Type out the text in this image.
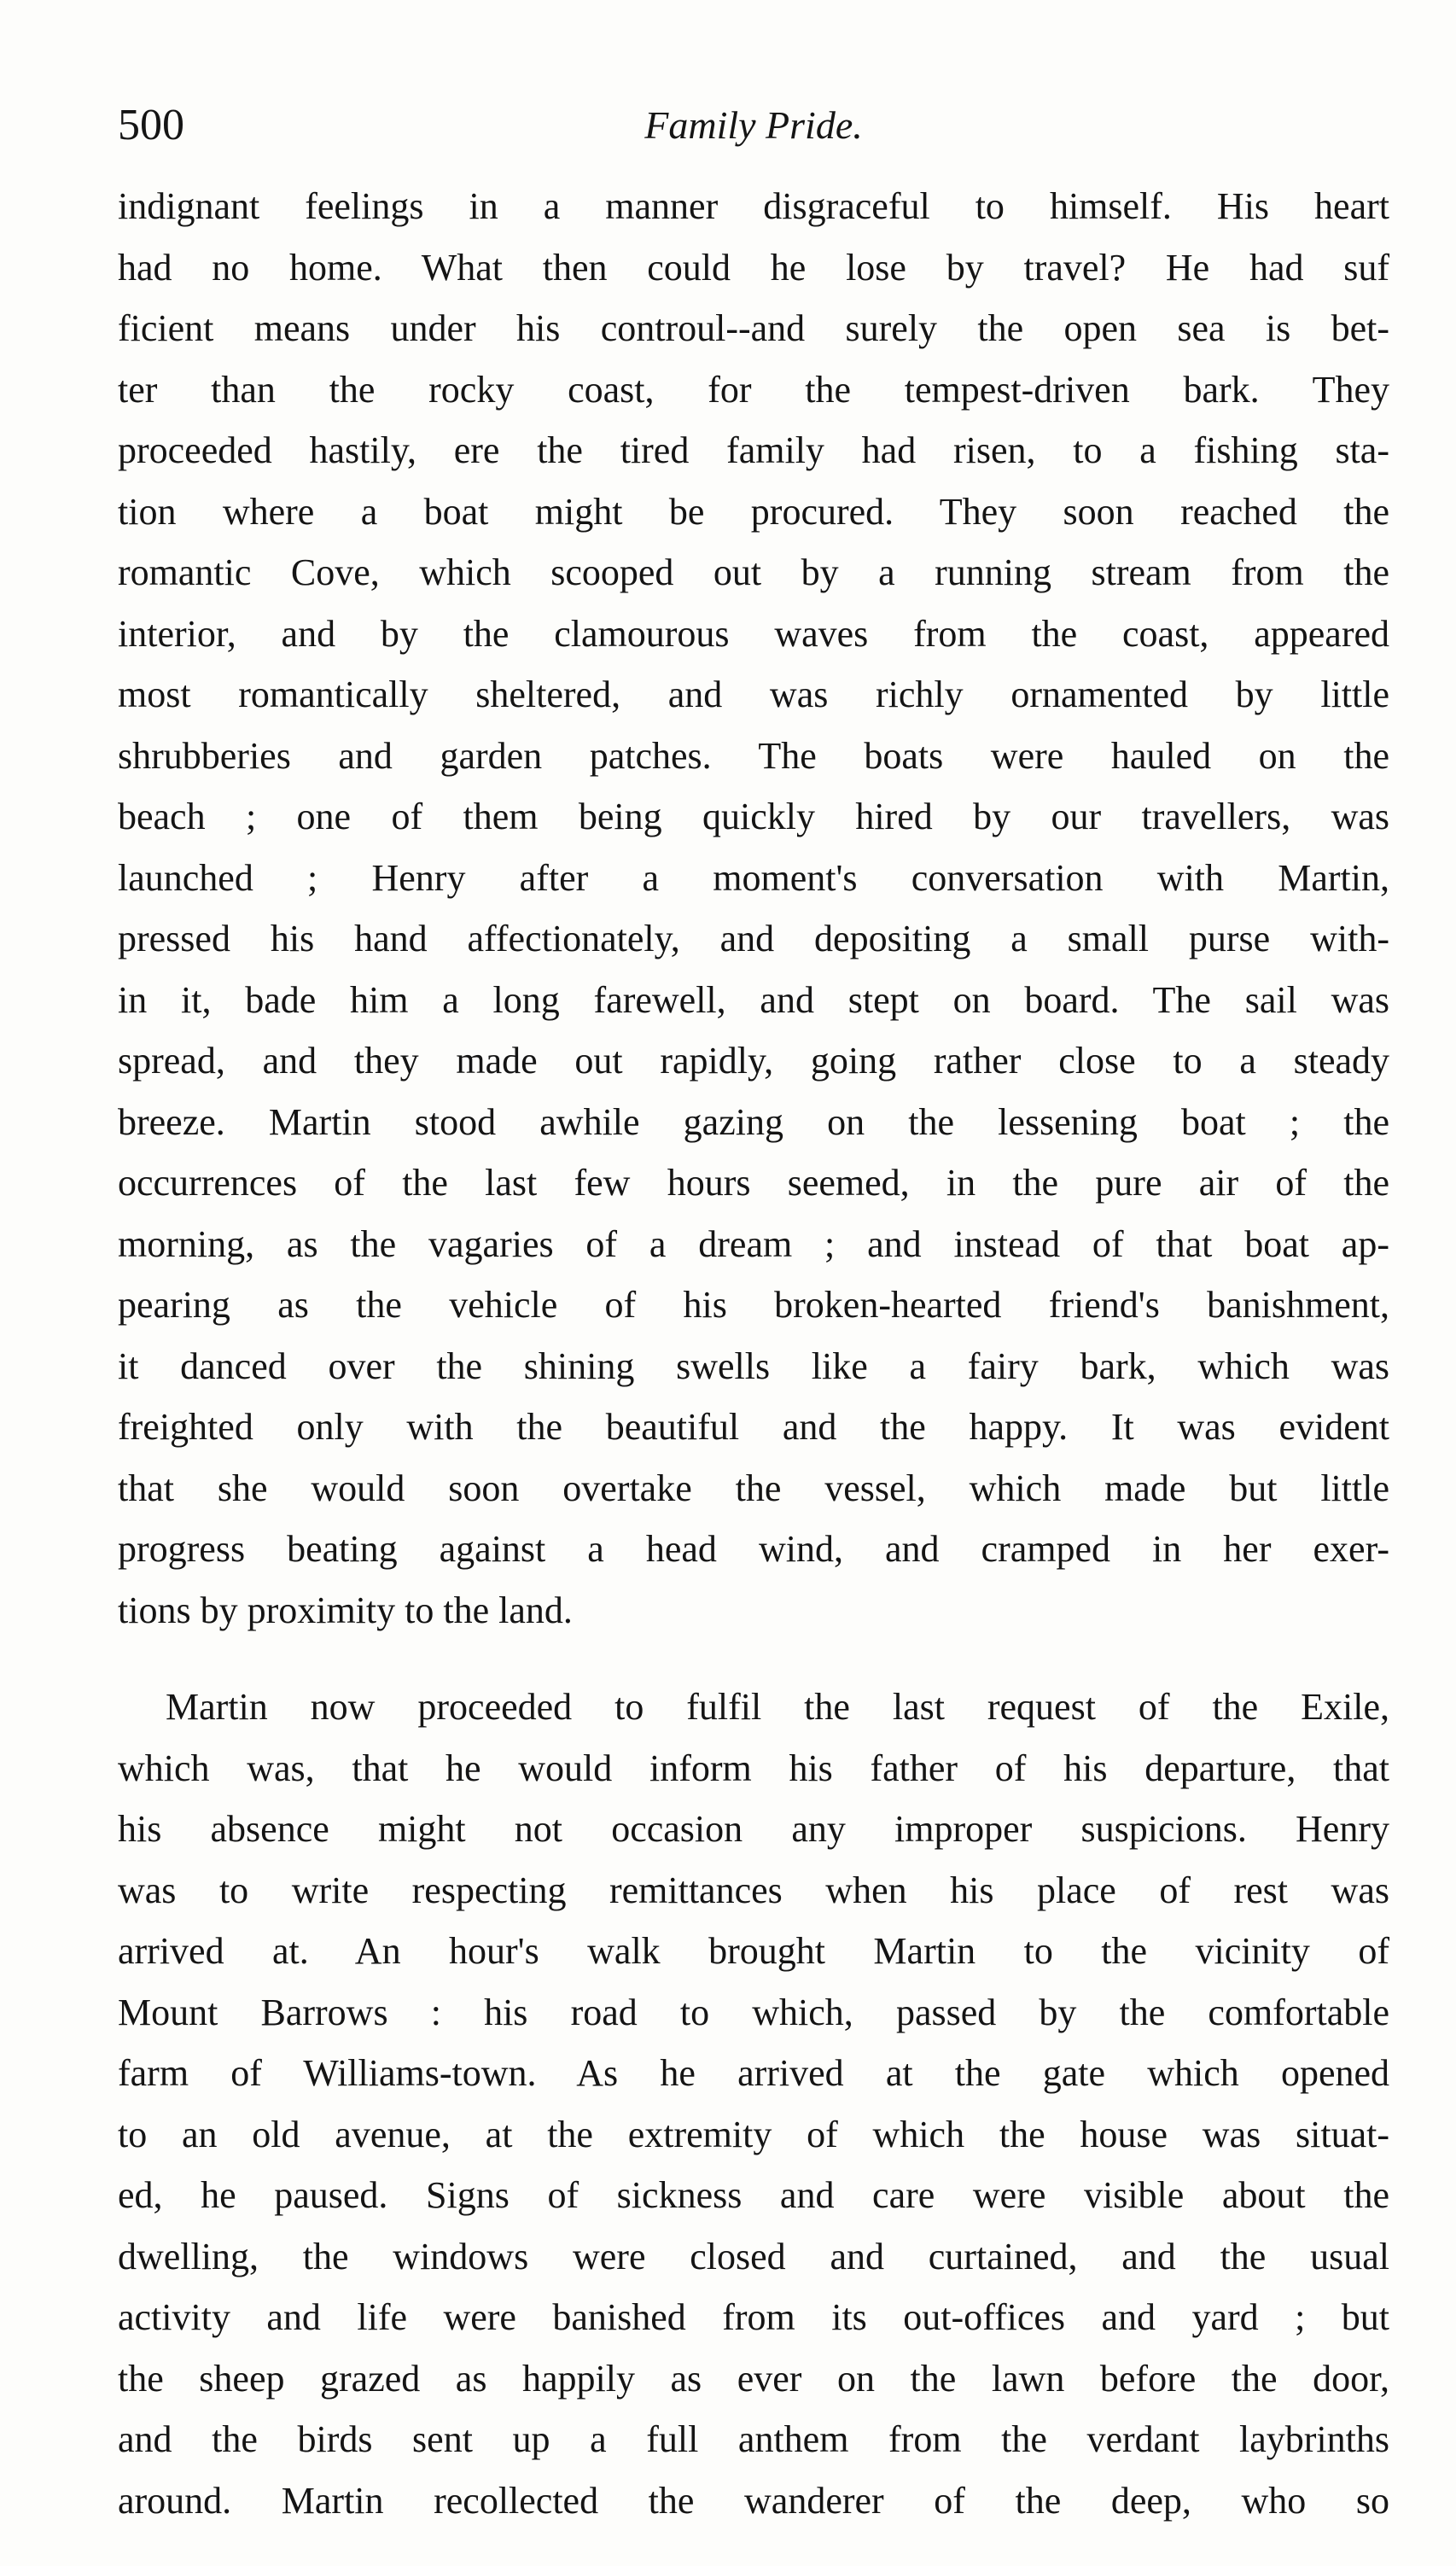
500	Family Pride.
indignant feelings in a manner disgraceful to himself. His heart
had no home. What then could he lose by travel? He had suf
ficient means under his controul--and surely the open sea is bet-
ter than the rocky coast, for the tempest-driven bark. They
proceeded hastily, ere the tired family had risen, to a fishing sta-
tion where a boat might be procured. They soon reached the
romantic Cove, which scooped out by a running stream from the
interior, and by the clamourous waves from the coast, appeared
most romantically sheltered, and was richly ornamented by little
shrubberies and garden patches. The boats were hauled on the
beach ; one of them being quickly hired by our travellers, was
launched ; Henry after a moment's conversation with Martin,
pressed his hand affectionately, and depositing a small purse with-
in it, bade him a long farewell, and stept on board. The sail was
spread, and they made out rapidly, going rather close to a steady
breeze. Martin stood awhile gazing on the lessening boat ; the
occurrences of the last few hours seemed, in the pure air of the
morning, as the vagaries of a dream ; and instead of that boat ap-
pearing as the vehicle of his broken-hearted friend's banishment,
it danced over the shining swells like a fairy bark, which was
freighted only with the beautiful and the happy. It was evident
that she would soon overtake the vessel, which made but little
progress beating against a head wind, and cramped in her exer-
tions by proximity to the land.
Martin now proceeded to fulfil the last request of the Exile,
which was, that he would inform his father of his departure, that
his absence might not occasion any improper suspicions. Henry
was to write respecting remittances when his place of rest was
arrived at. An hour's walk brought Martin to the vicinity of
Mount Barrows : his road to which, passed by the comfortable
farm of Williams-town. As he arrived at the gate which opened
to an old avenue, at the extremity of which the house was situat-
ed, he paused. Signs of sickness and care were visible about the
dwelling, the windows were closed and curtained, and the usual
activity and life were banished from its out-offices and yard ; but
the sheep grazed as happily as ever on the lawn before the door,
and the birds sent up a full anthem from the verdant laybrinths
around. Martin recollected the wanderer of the deep, who so
